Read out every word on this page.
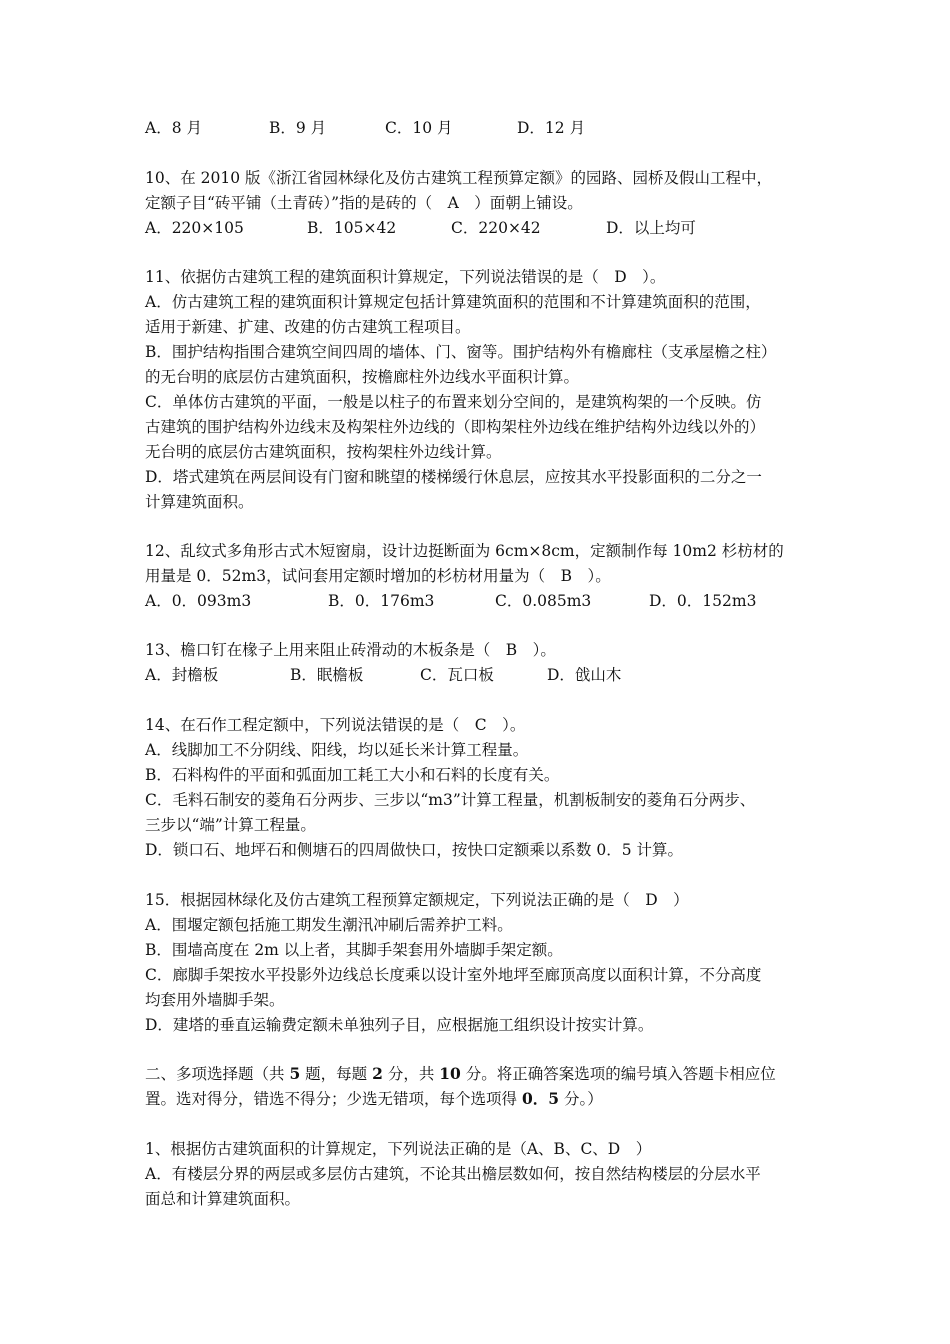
A．8 月	B．9 月	C．10 月	D．12 月
10、在 2010 版《浙江省园林绿化及仿古建筑工程预算定额》的园路、园桥及假山工程中，
定额子目“砖平铺（土青砖）”指的是砖的（　A　）面朝上铺设。
A．220×105	B．105×42	C．220×42	D．以上均可
11、依据仿古建筑工程的建筑面积计算规定，下列说法错误的是（　D　）。
A．仿古建筑工程的建筑面积计算规定包括计算建筑面积的范围和不计算建筑面积的范围，
适用于新建、扩建、改建的仿古建筑工程项目。
B．围护结构指围合建筑空间四周的墙体、门、窗等。围护结构外有檐廊柱（支承屋檐之柱）
的无台明的底层仿古建筑面积，按檐廊柱外边线水平面积计算。
C．单体仿古建筑的平面，一般是以柱子的布置来划分空间的，是建筑构架的一个反映。仿
古建筑的围护结构外边线末及构架柱外边线的（即构架柱外边线在维护结构外边线以外的）
无台明的底层仿古建筑面积，按构架柱外边线计算。
D．塔式建筑在两层间设有门窗和眺望的楼梯缓行休息层，应按其水平投影面积的二分之一
计算建筑面积。
12、乱纹式多角形古式木短窗扇，设计边挺断面为 6cm×8cm，定额制作每 10m2 杉枋材的
用量是 0．52m3，试问套用定额时增加的杉枋材用量为（　B　）。
A．0．093m3	B．0．176m3	C．0.085m3	D．0．152m3
13、檐口钉在椽子上用来阻止砖滑动的木板条是（　B　）。
A．封檐板	B．眠檐板	C．瓦口板	D．戗山木
14、在石作工程定额中，下列说法错误的是（　C　）。
A．线脚加工不分阴线、阳线，均以延长米计算工程量。
B．石料构件的平面和弧面加工耗工大小和石料的长度有关。
C．毛料石制安的菱角石分两步、三步以“m3”计算工程量，机割板制安的菱角石分两步、
三步以“端”计算工程量。
D．锁口石、地坪石和侧塘石的四周做快口，按快口定额乘以系数 0．5 计算。
15．根据园林绿化及仿古建筑工程预算定额规定，下列说法正确的是（　D　）
A．围堰定额包括施工期发生潮汛冲刷后需养护工料。
B．围墙高度在 2m 以上者，其脚手架套用外墙脚手架定额。
C．廊脚手架按水平投影外边线总长度乘以设计室外地坪至廊顶高度以面积计算，不分高度
均套用外墙脚手架。
D．建塔的垂直运输费定额未单独列子目，应根据施工组织设计按实计算。
二、多项选择题（共 5 题，每题 2 分，共 10 分。将正确答案选项的编号填入答题卡相应位
置。选对得分，错选不得分；少选无错项，每个选项得 0．5 分。）
1、根据仿古建筑面积的计算规定，下列说法正确的是（A、B、C、D　）
A．有楼层分界的两层或多层仿古建筑，不论其出檐层数如何，按自然结构楼层的分层水平
面总和计算建筑面积。
